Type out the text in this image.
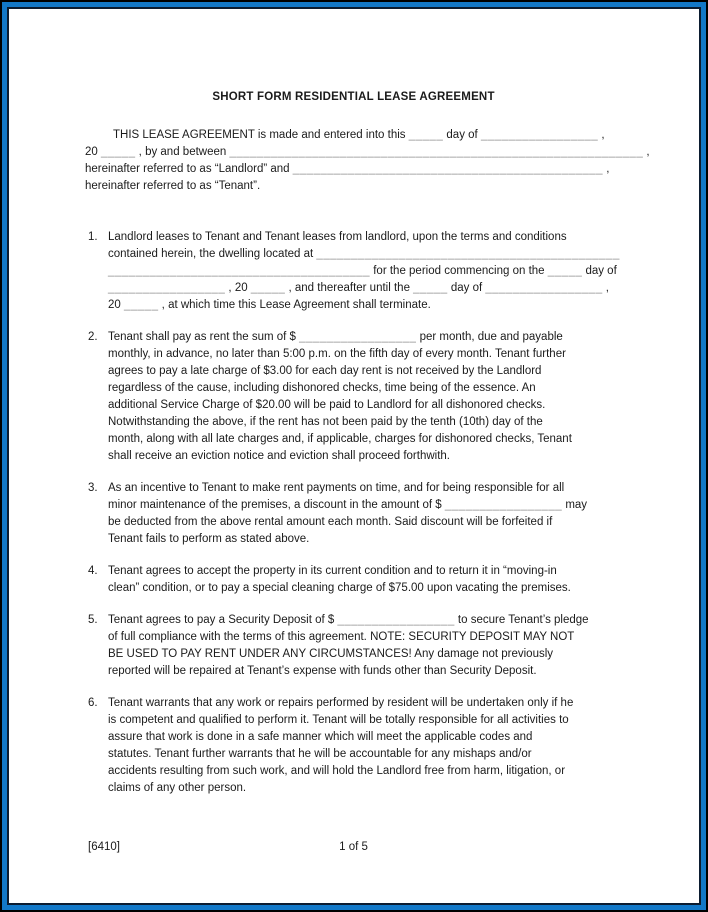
SHORT FORM RESIDENTIAL LEASE AGREEMENT
THIS LEASE AGREEMENT is made and entered into this _____ day of _________________ ,
20 _____ , by and between ____________________________________________________________ ,
hereinafter referred to as “Landlord” and _____________________________________________ ,
hereinafter referred to as “Tenant”.
1. Landlord leases to Tenant and Tenant leases from landlord, upon the terms and conditions
contained herein, the dwelling located at ____________________________________________
______________________________________ for the period commencing on the _____ day of
_________________ , 20 _____ , and thereafter until the _____ day of _________________ ,
20 _____ , at which time this Lease Agreement shall terminate.
2. Tenant shall pay as rent the sum of $ _________________ per month, due and payable
monthly, in advance, no later than 5:00 p.m. on the fifth day of every month. Tenant further
agrees to pay a late charge of $3.00 for each day rent is not received by the Landlord
regardless of the cause, including dishonored checks, time being of the essence. An
additional Service Charge of $20.00 will be paid to Landlord for all dishonored checks.
Notwithstanding the above, if the rent has not been paid by the tenth (10th) day of the
month, along with all late charges and, if applicable, charges for dishonored checks, Tenant
shall receive an eviction notice and eviction shall proceed forthwith.
3. As an incentive to Tenant to make rent payments on time, and for being responsible for all
minor maintenance of the premises, a discount in the amount of $ _________________ may
be deducted from the above rental amount each month. Said discount will be forfeited if
Tenant fails to perform as stated above.
4. Tenant agrees to accept the property in its current condition and to return it in “moving-in
clean” condition, or to pay a special cleaning charge of $75.00 upon vacating the premises.
5. Tenant agrees to pay a Security Deposit of $ _________________ to secure Tenant’s pledge
of full compliance with the terms of this agreement. NOTE: SECURITY DEPOSIT MAY NOT
BE USED TO PAY RENT UNDER ANY CIRCUMSTANCES! Any damage not previously
reported will be repaired at Tenant’s expense with funds other than Security Deposit.
6. Tenant warrants that any work or repairs performed by resident will be undertaken only if he
is competent and qualified to perform it. Tenant will be totally responsible for all activities to
assure that work is done in a safe manner which will meet the applicable codes and
statutes. Tenant further warrants that he will be accountable for any mishaps and/or
accidents resulting from such work, and will hold the Landlord free from harm, litigation, or
claims of any other person.
[6410]	1 of 5
